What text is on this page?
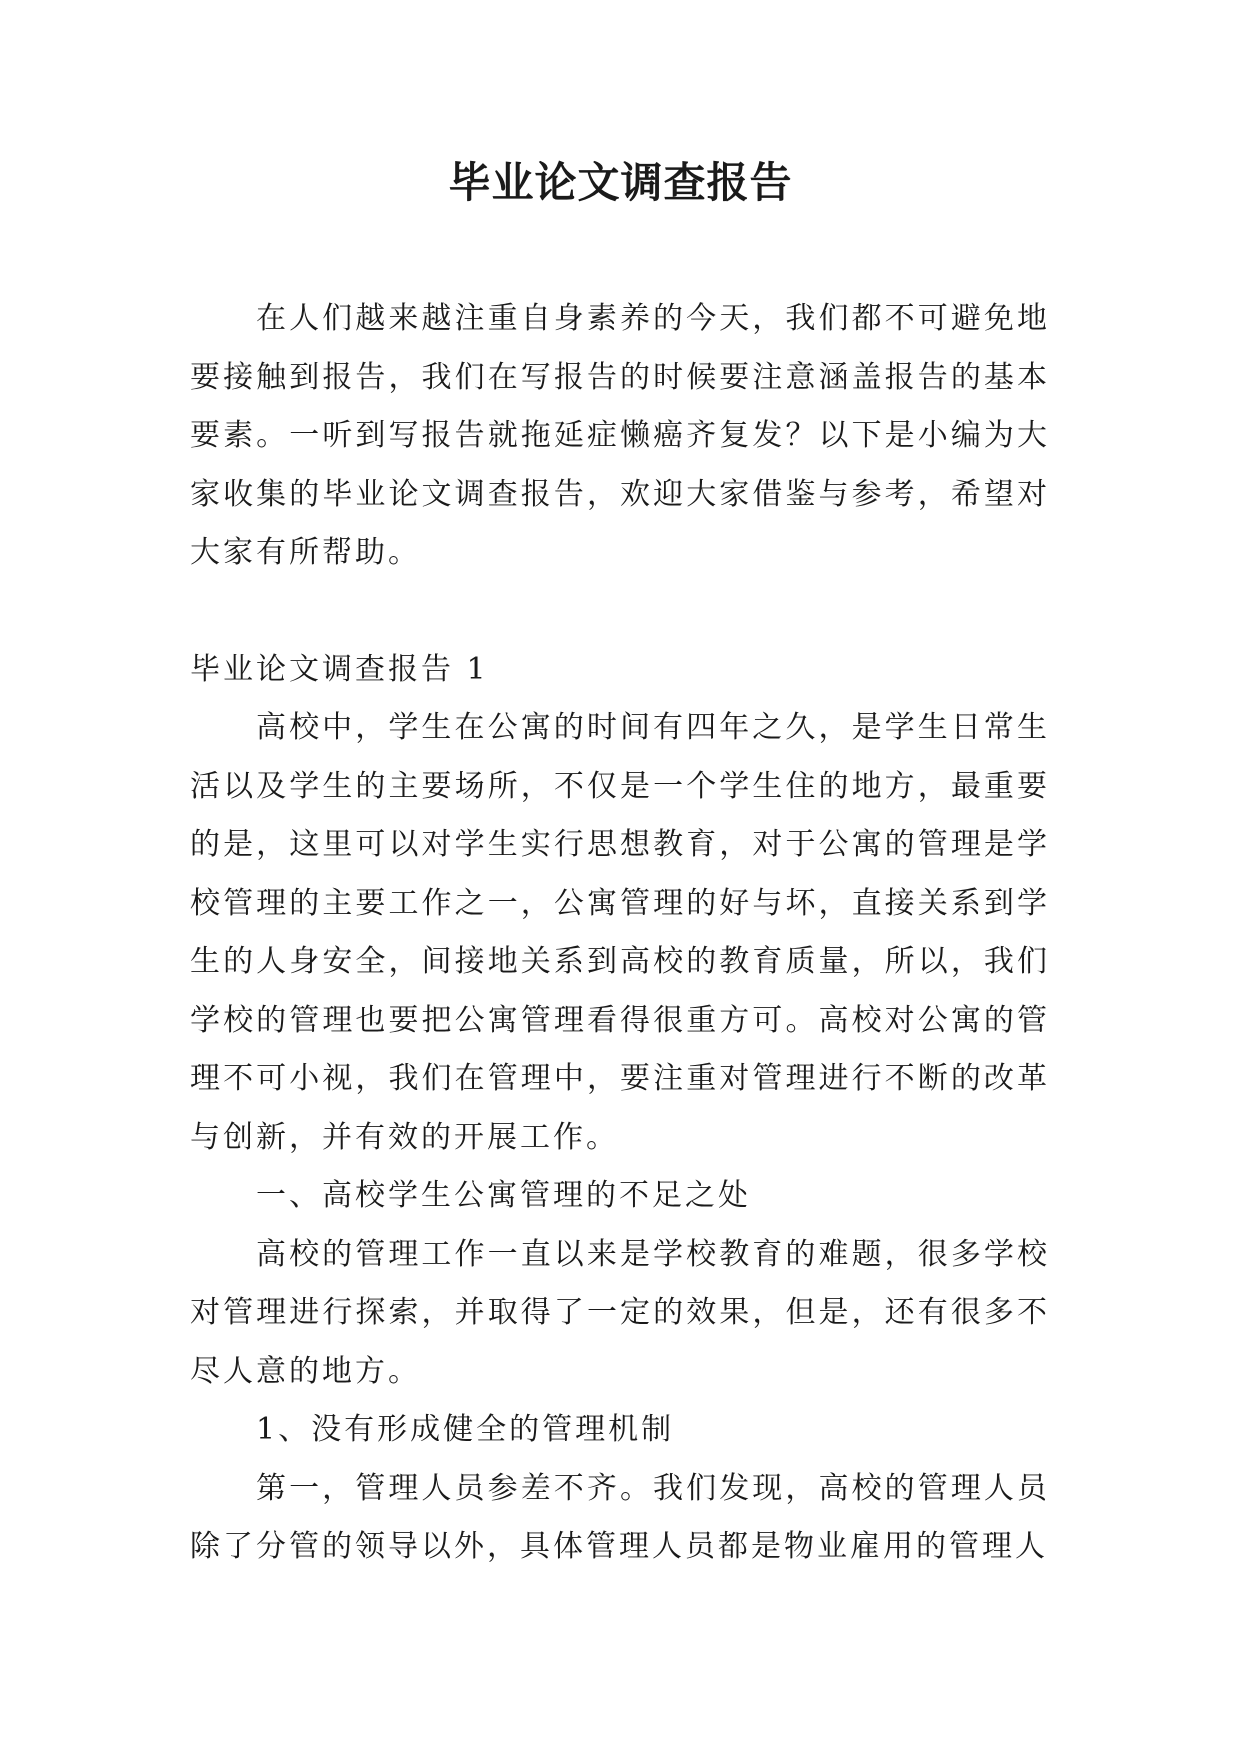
毕业论文调查报告

在人们越来越注重自身素养的今天，我们都不可避免地要接触到报告，我们在写报告的时候要注意涵盖报告的基本要素。一听到写报告就拖延症懒癌齐复发？以下是小编为大家收集的毕业论文调查报告，欢迎大家借鉴与参考，希望对大家有所帮助。

毕业论文调查报告 1

高校中，学生在公寓的时间有四年之久，是学生日常生活以及学生的主要场所，不仅是一个学生住的地方，最重要的是，这里可以对学生实行思想教育，对于公寓的管理是学校管理的主要工作之一，公寓管理的好与坏，直接关系到学生的人身安全，间接地关系到高校的教育质量，所以，我们学校的管理也要把公寓管理看得很重方可。高校对公寓的管理不可小视，我们在管理中，要注重对管理进行不断的改革与创新，并有效的开展工作。

一、高校学生公寓管理的不足之处

高校的管理工作一直以来是学校教育的难题，很多学校对管理进行探索，并取得了一定的效果，但是，还有很多不尽人意的地方。

1、没有形成健全的管理机制

第一，管理人员参差不齐。我们发现，高校的管理人员除了分管的领导以外，具体管理人员都是物业雇用的管理人
